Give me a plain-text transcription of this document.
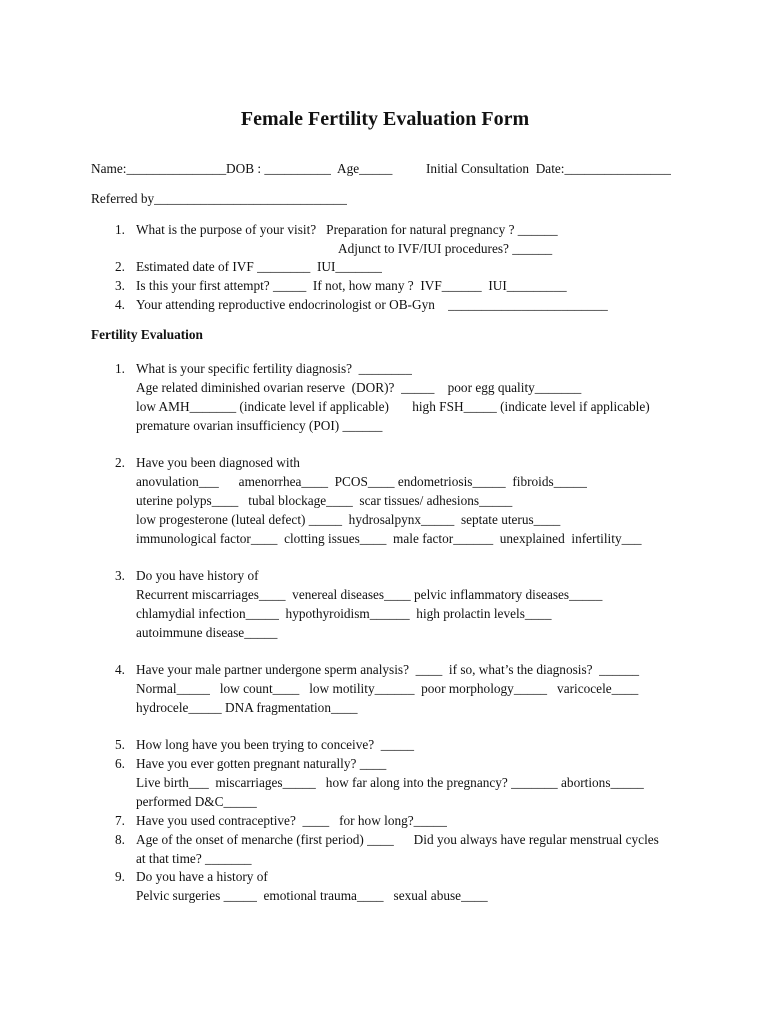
Female Fertility Evaluation Form
Name:_______________ DOB : __________ Age_____	Initial Consultation  Date:________________
Referred by_____________________________
1. What is the purpose of your visit?   Preparation for natural pregnancy ? ______
Adjunct to IVF/IUI procedures? ______
2. Estimated date of IVF ________  IUI_______
3. Is this your first attempt? _____  If not, how many ?  IVF______  IUI_________
4. Your attending reproductive endocrinologist or OB-Gyn    ________________________
Fertility Evaluation
1. What is your specific fertility diagnosis?  ________
Age related diminished ovarian reserve  (DOR)?  _____    poor egg quality_______
low AMH_______ (indicate level if applicable)       high FSH_____ (indicate level if applicable)
premature ovarian insufficiency (POI) ______
2. Have you been diagnosed with
anovulation___      amenorrhea____  PCOS____ endometriosis_____  fibroids_____
uterine polyps____   tubal blockage____  scar tissues/ adhesions_____
low progesterone (luteal defect) _____  hydrosalpynx_____  septate uterus____
immunological factor____  clotting issues____  male factor______  unexplained  infertility___
3. Do you have history of
Recurrent miscarriages____  venereal diseases____ pelvic inflammatory diseases_____
chlamydial infection_____  hypothyroidism______  high prolactin levels____
autoimmune disease_____
4. Have your male partner undergone sperm analysis?  ____  if so, what’s the diagnosis?  ______
Normal_____   low count____   low motility______  poor morphology_____   varicocele____
hydrocele_____ DNA fragmentation____
5. How long have you been trying to conceive?  _____
6. Have you ever gotten pregnant naturally? ____
Live birth___  miscarriages_____   how far along into the pregnancy? _______ abortions_____
performed D&C_____
7. Have you used contraceptive?  ____   for how long?_____
8. Age of the onset of menarche (first period) ____      Did you always have regular menstrual cycles
at that time? _______
9. Do you have a history of
Pelvic surgeries _____  emotional trauma____   sexual abuse____
